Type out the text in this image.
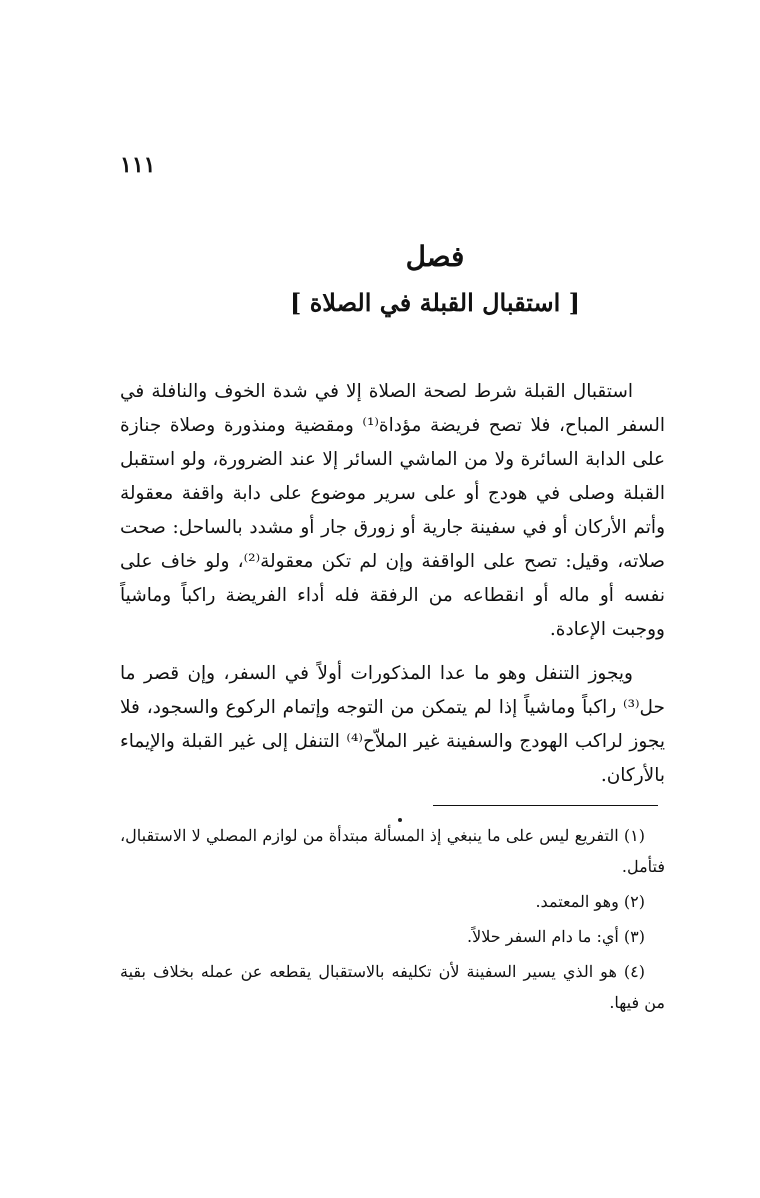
١١١
فصل
[ استقبال القبلة في الصلاة ]

استقبال القبلة شرط لصحة الصلاة إلا في شدة الخوف والنافلة في السفر المباح، فلا تصح فريضة مؤداة⁽¹⁾ ومقضية ومنذورة وصلاة جنازة على الدابة السائرة ولا من الماشي السائر إلا عند الضرورة، ولو استقبل القبلة وصلى في هودج أو على سرير موضوع على دابة واقفة معقولة وأتم الأركان أو في سفينة جارية أو زورق جار أو مشدد بالساحل: صحت صلاته، وقيل: تصح على الواقفة وإن لم تكن معقولة⁽²⁾، ولو خاف على نفسه أو ماله أو انقطاعه من الرفقة فله أداء الفريضة راكباً وماشياً ووجبت الإعادة.

ويجوز التنفل وهو ما عدا المذكورات أولاً في السفر، وإن قصر ما حل⁽³⁾ راكباً وماشياً إذا لم يتمكن من التوجه وإتمام الركوع والسجود، فلا يجوز لراكب الهودج والسفينة غير الملاّح⁽⁴⁾ التنفل إلى غير القبلة والإيماء بالأركان.

(١) التفريع ليس على ما ينبغي إذ المسألة مبتدأة من لوازم المصلي لا الاستقبال، فتأمل.

(٢) وهو المعتمد.

(٣) أي: ما دام السفر حلالاً.

(٤) هو الذي يسير السفينة لأن تكليفه بالاستقبال يقطعه عن عمله بخلاف بقية من فيها.
